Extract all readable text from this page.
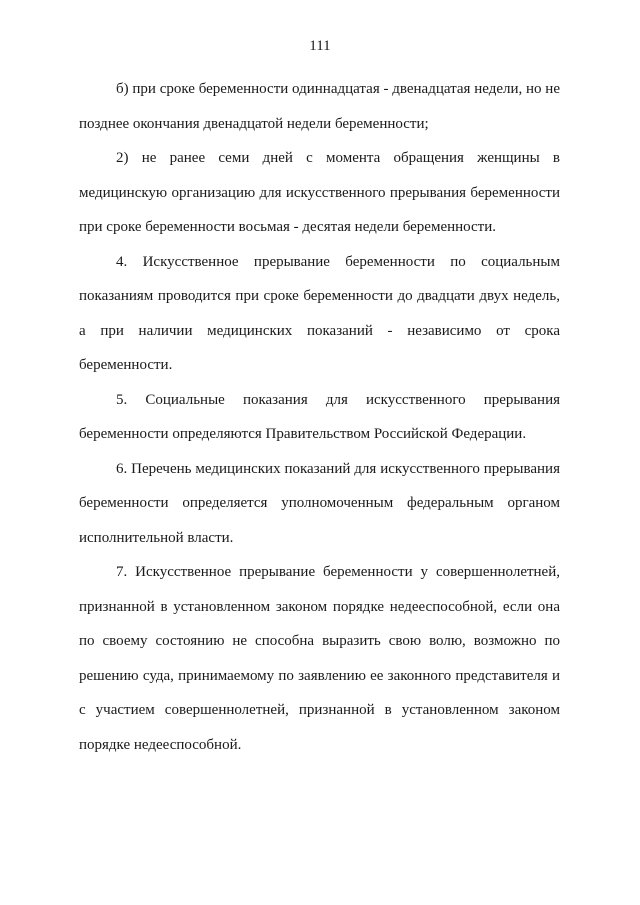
111

б) при сроке беременности одиннадцатая - двенадцатая недели, но не позднее окончания двенадцатой недели беременности;

2) не ранее семи дней с момента обращения женщины в медицинскую организацию для искусственного прерывания беременности при сроке беременности восьмая - десятая недели беременности.

4. Искусственное прерывание беременности по социальным показаниям проводится при сроке беременности до двадцати двух недель, а при наличии медицинских показаний - независимо от срока беременности.

5. Социальные показания для искусственного прерывания беременности определяются Правительством Российской Федерации.

6. Перечень медицинских показаний для искусственного прерывания беременности определяется уполномоченным федеральным органом исполнительной власти.

7. Искусственное прерывание беременности у совершеннолетней, признанной в установленном законом порядке недееспособной, если она по своему состоянию не способна выразить свою волю, возможно по решению суда, принимаемому по заявлению ее законного представителя и с участием совершеннолетней, признанной в установленном законом порядке недееспособной.
